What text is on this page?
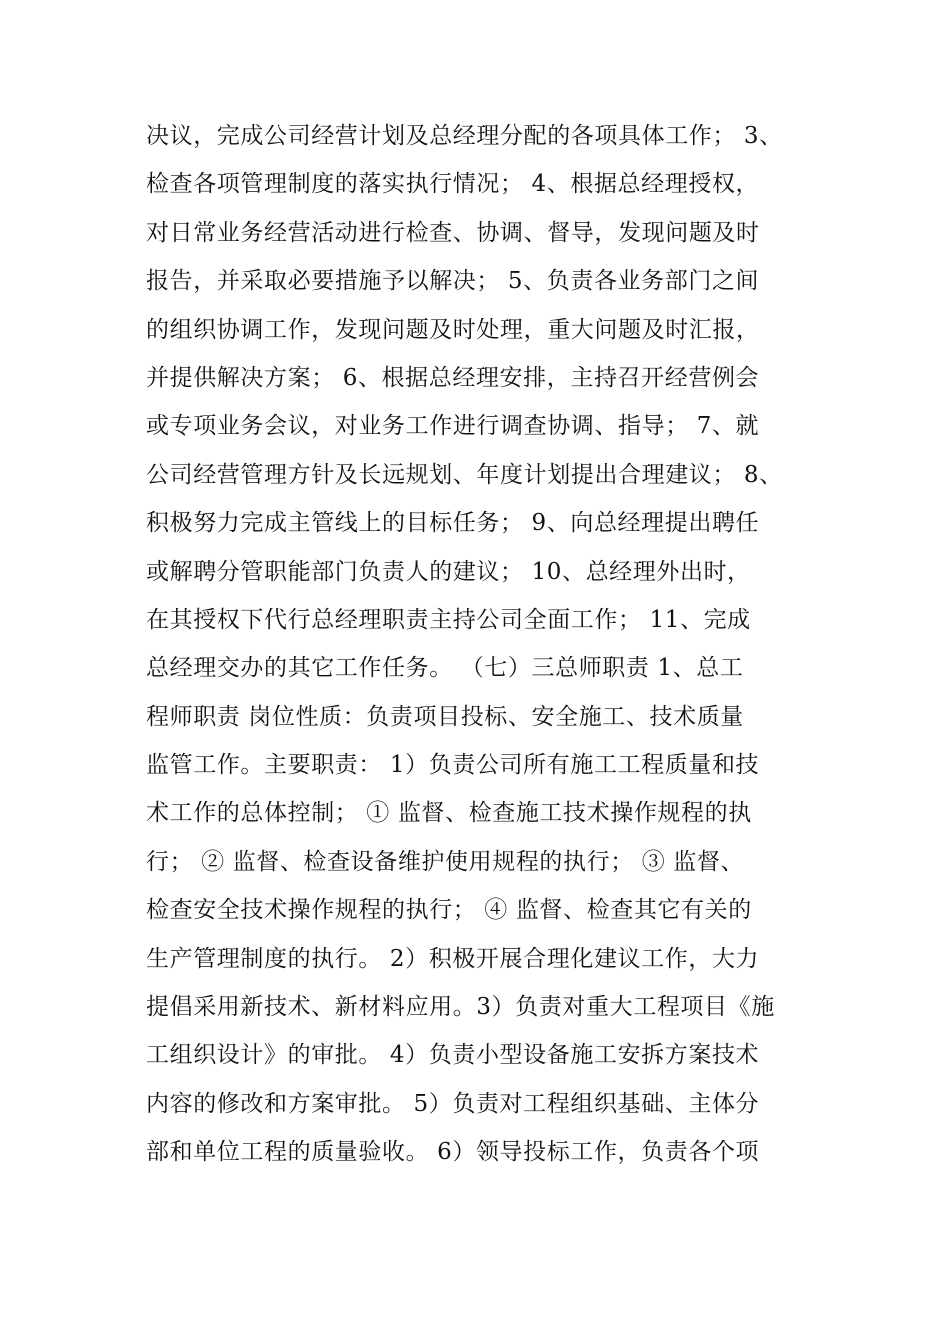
决议，完成公司经营计划及总经理分配的各项具体工作； 3、
检查各项管理制度的落实执行情况； 4、根据总经理授权，
对日常业务经营活动进行检查、协调、督导，发现问题及时
报告，并采取必要措施予以解决； 5、负责各业务部门之间
的组织协调工作，发现问题及时处理，重大问题及时汇报，
并提供解决方案； 6、根据总经理安排，主持召开经营例会
或专项业务会议，对业务工作进行调查协调、指导； 7、就
公司经营管理方针及长远规划、年度计划提出合理建议； 8、
积极努力完成主管线上的目标任务； 9、向总经理提出聘任
或解聘分管职能部门负责人的建议； 10、总经理外出时，
在其授权下代行总经理职责主持公司全面工作； 11、完成
总经理交办的其它工作任务。 （七）三总师职责 1、总工
程师职责 岗位性质：负责项目投标、安全施工、技术质量
监管工作。主要职责： 1）负责公司所有施工工程质量和技
术工作的总体控制； ① 监督、检查施工技术操作规程的执
行； ② 监督、检查设备维护使用规程的执行； ③ 监督、
检查安全技术操作规程的执行； ④ 监督、检查其它有关的
生产管理制度的执行。 2）积极开展合理化建议工作，大力
提倡采用新技术、新材料应用。3）负责对重大工程项目《施
工组织设计》的审批。 4）负责小型设备施工安拆方案技术
内容的修改和方案审批。 5）负责对工程组织基础、主体分
部和单位工程的质量验收。 6）领导投标工作，负责各个项
